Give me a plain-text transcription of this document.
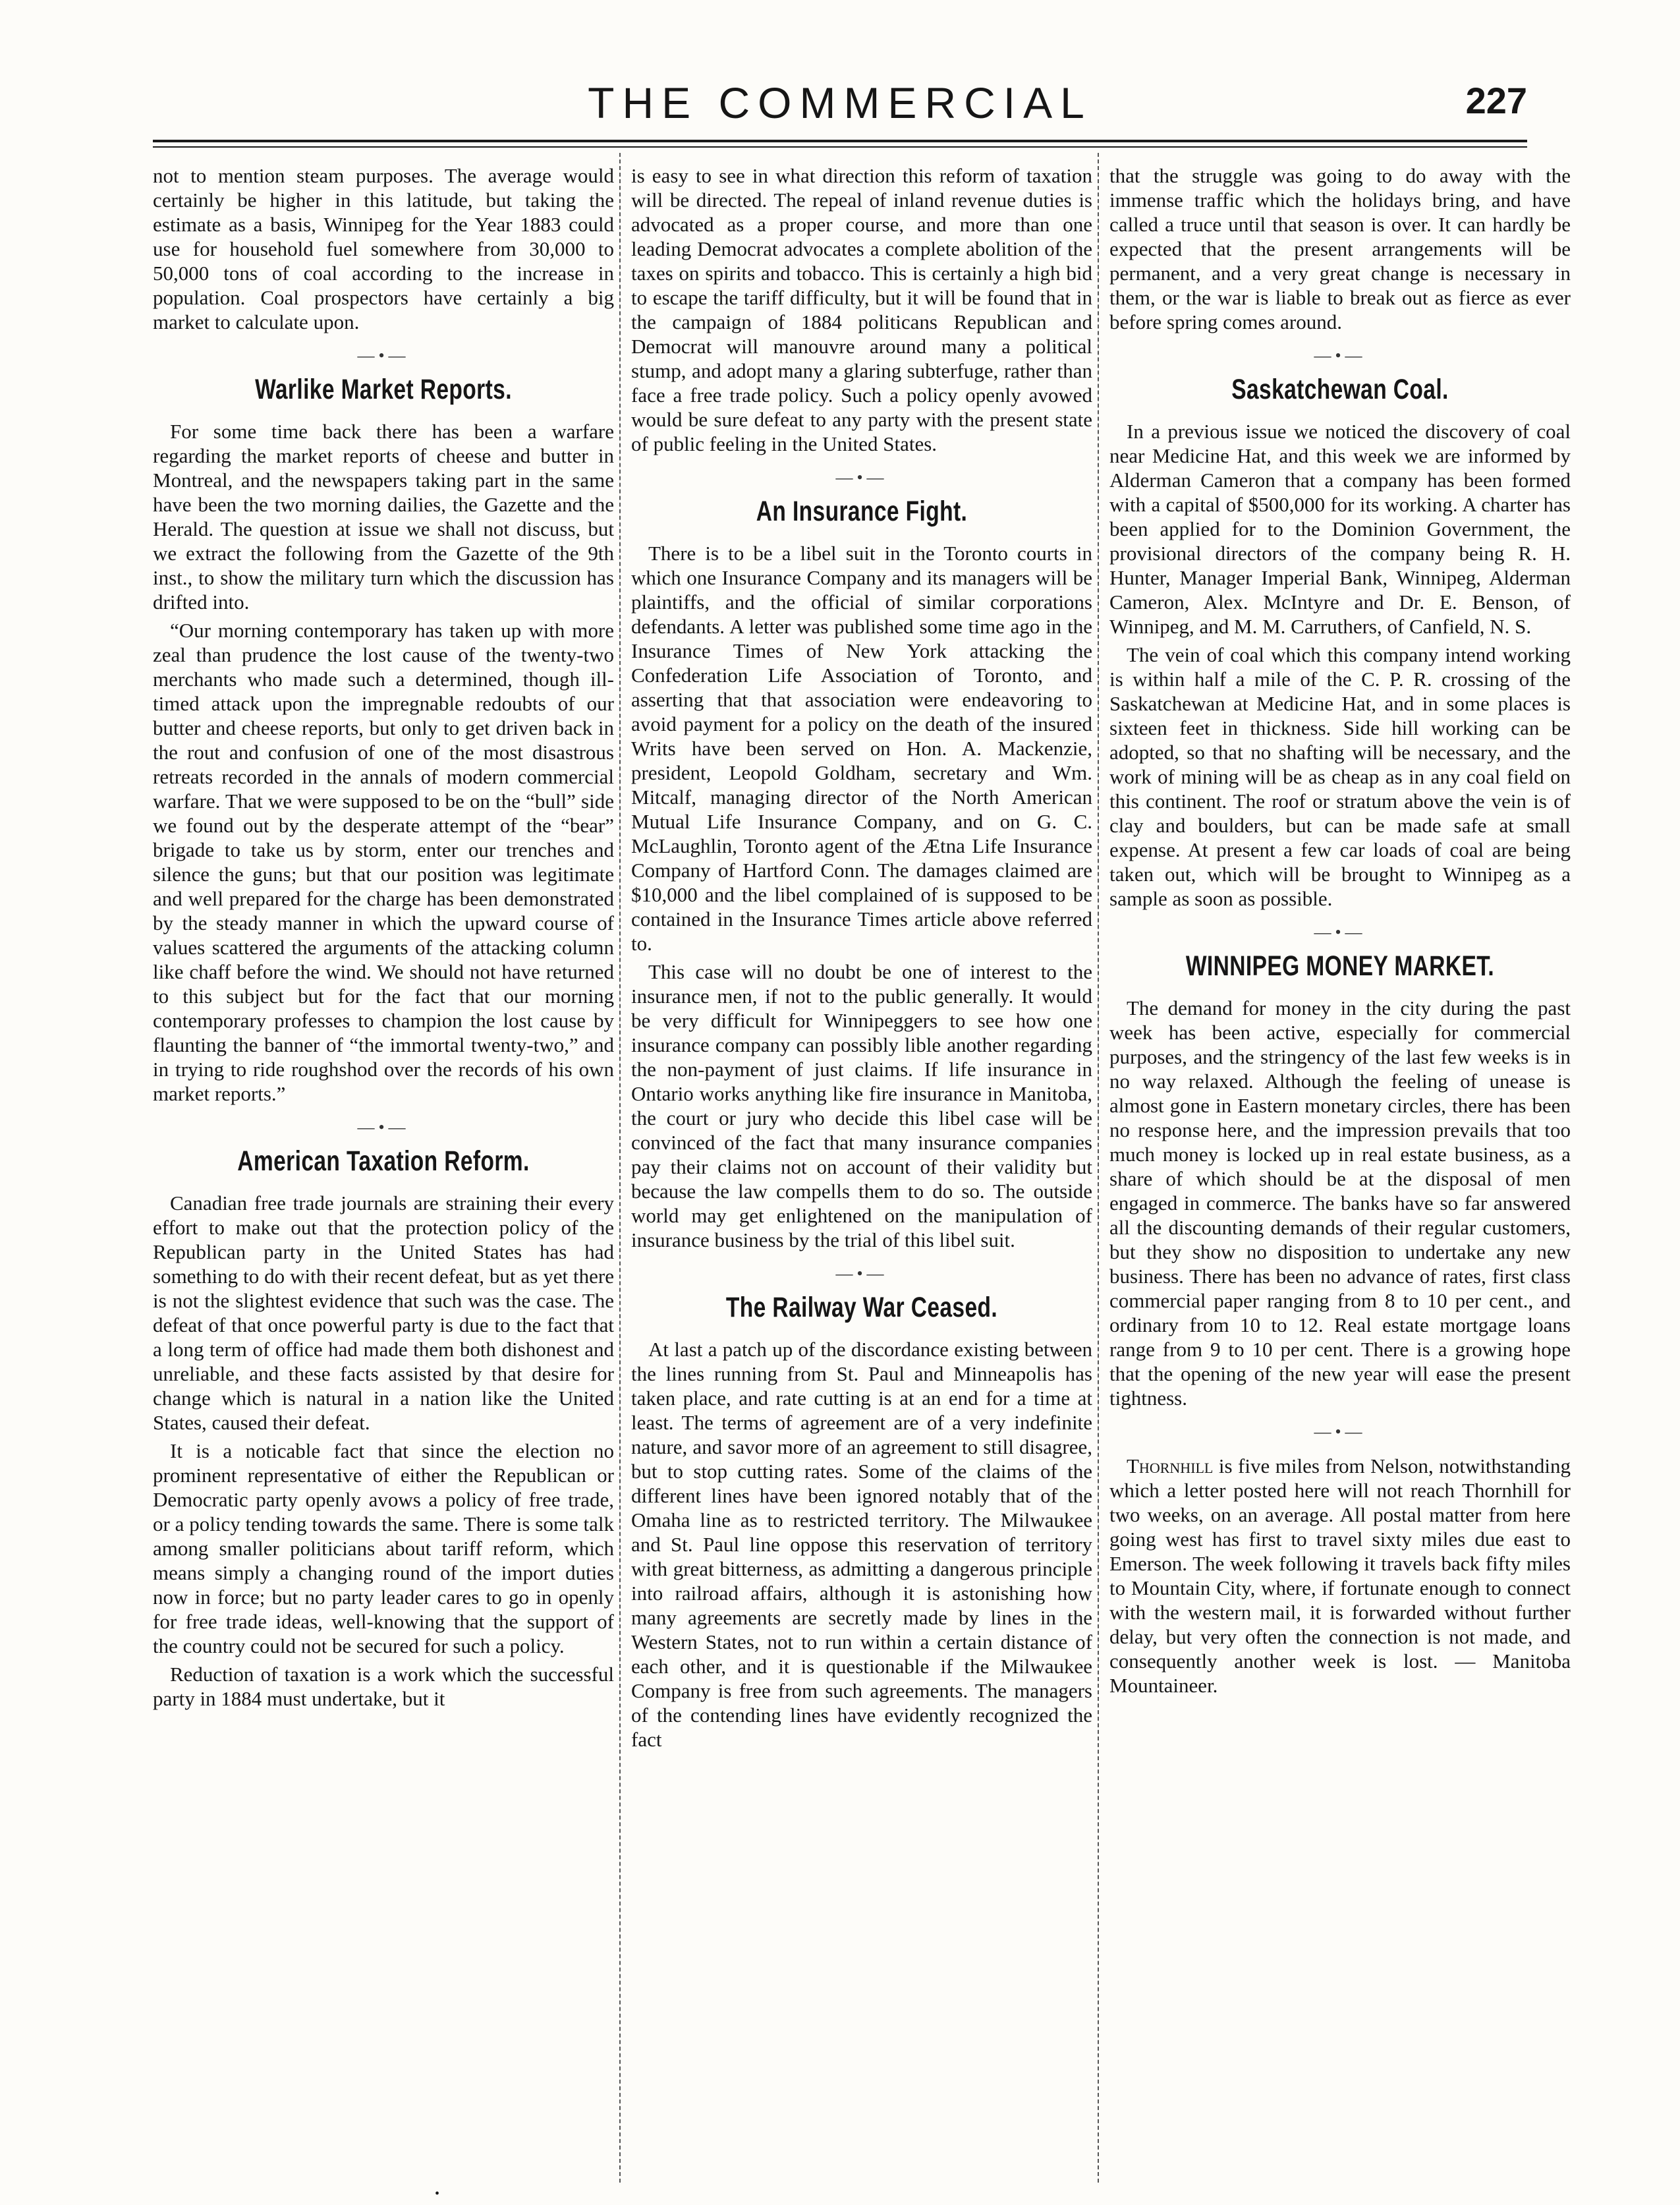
THE COMMERCIAL	227

not to mention steam purposes. The average would certainly be higher in this latitude, but taking the estimate as a basis, Winnipeg for the Year 1883 could use for household fuel somewhere from 30,000 to 50,000 tons of coal according to the increase in population. Coal prospectors have certainly a big market to calculate upon.

—•—
Warlike Market Reports.

For some time back there has been a warfare regarding the market reports of cheese and butter in Montreal, and the newspapers taking part in the same have been the two morning dailies, the Gazette and the Herald. The question at issue we shall not discuss, but we extract the following from the Gazette of the 9th inst., to show the military turn which the discussion has drifted into.

“Our morning contemporary has taken up with more zeal than prudence the lost cause of the twenty-two merchants who made such a determined, though ill-timed attack upon the impregnable redoubts of our butter and cheese reports, but only to get driven back in the rout and confusion of one of the most disastrous retreats recorded in the annals of modern commercial warfare. That we were supposed to be on the “bull” side we found out by the desperate attempt of the “bear” brigade to take us by storm, enter our trenches and silence the guns; but that our position was legitimate and well prepared for the charge has been demonstrated by the steady manner in which the upward course of values scattered the arguments of the attacking column like chaff before the wind. We should not have returned to this subject but for the fact that our morning contemporary professes to champion the lost cause by flaunting the banner of “the immortal twenty-two,” and in trying to ride roughshod over the records of his own market reports.”

—•—
American Taxation Reform.

Canadian free trade journals are straining their every effort to make out that the protection policy of the Republican party in the United States has had something to do with their recent defeat, but as yet there is not the slightest evidence that such was the case. The defeat of that once powerful party is due to the fact that a long term of office had made them both dishonest and unreliable, and these facts assisted by that desire for change which is natural in a nation like the United States, caused their defeat.

It is a noticable fact that since the election no prominent representative of either the Republican or Democratic party openly avows a policy of free trade, or a policy tending towards the same. There is some talk among smaller politicians about tariff reform, which means simply a changing round of the import duties now in force; but no party leader cares to go in openly for free trade ideas, well-knowing that the support of the country could not be secured for such a policy.

Reduction of taxation is a work which the successful party in 1884 must undertake, but it

is easy to see in what direction this reform of taxation will be directed. The repeal of inland revenue duties is advocated as a proper course, and more than one leading Democrat advocates a complete abolition of the taxes on spirits and tobacco. This is certainly a high bid to escape the tariff difficulty, but it will be found that in the campaign of 1884 politicans Republican and Democrat will manouvre around many a political stump, and adopt many a glaring subterfuge, rather than face a free trade policy. Such a policy openly avowed would be sure defeat to any party with the present state of public feeling in the United States.

—•—
An Insurance Fight.

There is to be a libel suit in the Toronto courts in which one Insurance Company and its managers will be plaintiffs, and the official of similar corporations defendants. A letter was published some time ago in the Insurance Times of New York attacking the Confederation Life Association of Toronto, and asserting that that association were endeavoring to avoid payment for a policy on the death of the insured Writs have been served on Hon. A. Mackenzie, president, Leopold Goldham, secretary and Wm. Mitcalf, managing director of the North American Mutual Life Insurance Company, and on G. C. McLaughlin, Toronto agent of the Ætna Life Insurance Company of Hartford Conn. The damages claimed are $10,000 and the libel complained of is supposed to be contained in the Insurance Times article above referred to.

This case will no doubt be one of interest to the insurance men, if not to the public generally. It would be very difficult for Winnipeggers to see how one insurance company can possibly lible another regarding the non-payment of just claims. If life insurance in Ontario works anything like fire insurance in Manitoba, the court or jury who decide this libel case will be convinced of the fact that many insurance companies pay their claims not on account of their validity but because the law compells them to do so. The outside world may get enlightened on the manipulation of insurance business by the trial of this libel suit.

—•—
The Railway War Ceased.

At last a patch up of the discordance existing between the lines running from St. Paul and Minneapolis has taken place, and rate cutting is at an end for a time at least. The terms of agreement are of a very indefinite nature, and savor more of an agreement to still disagree, but to stop cutting rates. Some of the claims of the different lines have been ignored notably that of the Omaha line as to restricted territory. The Milwaukee and St. Paul line oppose this reservation of territory with great bitterness, as admitting a dangerous principle into railroad affairs, although it is astonishing how many agreements are secretly made by lines in the Western States, not to run within a certain distance of each other, and it is questionable if the Milwaukee Company is free from such agreements. The managers of the contending lines have evidently recognized the fact

that the struggle was going to do away with the immense traffic which the holidays bring, and have called a truce until that season is over. It can hardly be expected that the present arrangements will be permanent, and a very great change is necessary in them, or the war is liable to break out as fierce as ever before spring comes around.

—•—
Saskatchewan Coal.

In a previous issue we noticed the discovery of coal near Medicine Hat, and this week we are informed by Alderman Cameron that a company has been formed with a capital of $500,000 for its working. A charter has been applied for to the Dominion Government, the provisional directors of the company being R. H. Hunter, Manager Imperial Bank, Winnipeg, Alderman Cameron, Alex. McIntyre and Dr. E. Benson, of Winnipeg, and M. M. Carruthers, of Canfield, N. S.

The vein of coal which this company intend working is within half a mile of the C. P. R. crossing of the Saskatchewan at Medicine Hat, and in some places is sixteen feet in thickness. Side hill working can be adopted, so that no shafting will be necessary, and the work of mining will be as cheap as in any coal field on this continent. The roof or stratum above the vein is of clay and boulders, but can be made safe at small expense. At present a few car loads of coal are being taken out, which will be brought to Winnipeg as a sample as soon as possible.

—•—
WINNIPEG MONEY MARKET.

The demand for money in the city during the past week has been active, especially for commercial purposes, and the stringency of the last few weeks is in no way relaxed. Although the feeling of unease is almost gone in Eastern monetary circles, there has been no response here, and the impression prevails that too much money is locked up in real estate business, as a share of which should be at the disposal of men engaged in commerce. The banks have so far answered all the discounting demands of their regular customers, but they show no disposition to undertake any new business. There has been no advance of rates, first class commercial paper ranging from 8 to 10 per cent., and ordinary from 10 to 12. Real estate mortgage loans range from 9 to 10 per cent. There is a growing hope that the opening of the new year will ease the present tightness.

—•—

Thornhill is five miles from Nelson, notwithstanding which a letter posted here will not reach Thornhill for two weeks, on an average. All postal matter from here going west has first to travel sixty miles due east to Emerson. The week following it travels back fifty miles to Mountain City, where, if fortunate enough to connect with the western mail, it is forwarded without further delay, but very often the connection is not made, and consequently another week is lost. — Manitoba Mountaineer.

•
